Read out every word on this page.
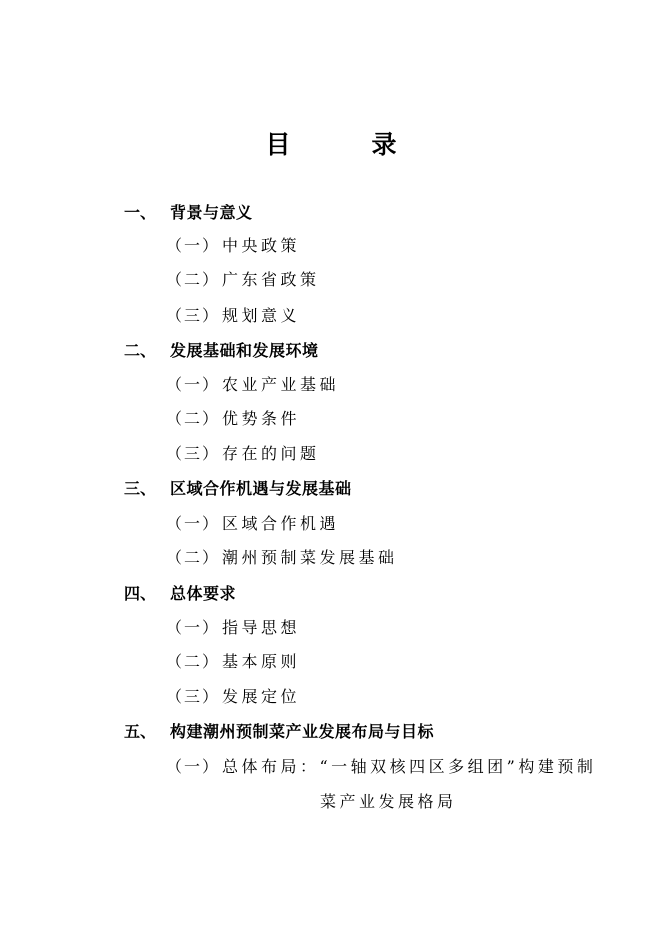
目　录
一、 背景与意义
（一） 中央政策
（二） 广东省政策
（三） 规划意义
二、 发展基础和发展环境
（一） 农业产业基础
（二） 优势条件
（三） 存在的问题
三、 区域合作机遇与发展基础
（一） 区域合作机遇
（二） 潮州预制菜发展基础
四、 总体要求
（一） 指导思想
（二） 基本原则
（三） 发展定位
五、 构建潮州预制菜产业发展布局与目标
（一） 总体布局：“一轴双核四区多组团”构建预制
菜产业发展格局
